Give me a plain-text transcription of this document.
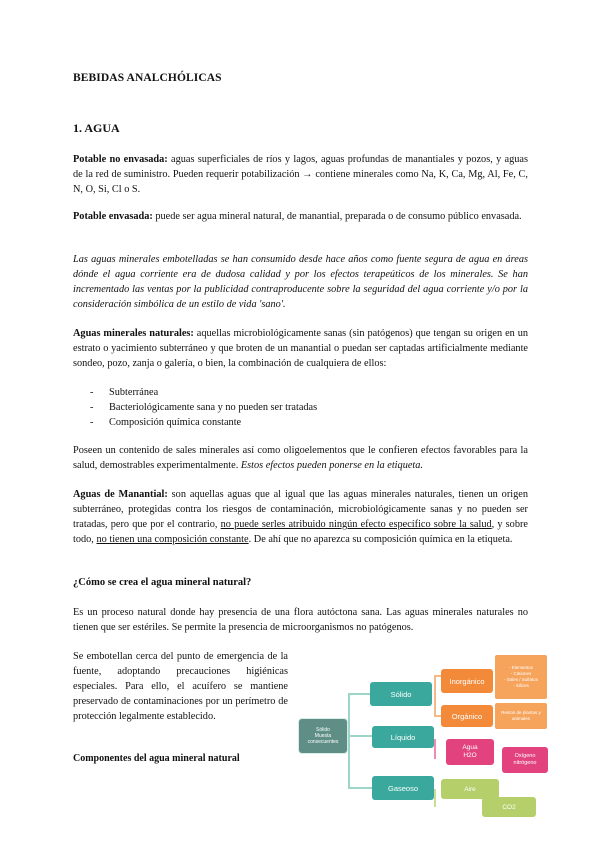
BEBIDAS ANALCHÓLICAS
1. AGUA
Potable no envasada: aguas superficiales de ríos y lagos, aguas profundas de manantiales y pozos, y aguas de la red de suministro. Pueden requerir potabilización → contiene minerales como Na, K, Ca, Mg, Al, Fe, C, N, O, Si, Cl o S.
Potable envasada: puede ser agua mineral natural, de manantial, preparada o de consumo público envasada.
Las aguas minerales embotelladas se han consumido desde hace años como fuente segura de agua en áreas dónde el agua corriente era de dudosa calidad y por los efectos terapeúticos de los minerales. Se han incrementado las ventas por la publicidad contraproducente sobre la seguridad del agua corriente y/o por la consideración simbólica de un estilo de vida 'sano'.
Aguas minerales naturales: aquellas microbiológicamente sanas (sin patógenos) que tengan su origen en un estrato o yacimiento subterráneo y que broten de un manantial o puedan ser captadas artificialmente mediante sondeo, pozo, zanja o galería, o bien, la combinación de cualquiera de ellos:
- Subterránea
- Bacteriológicamente sana y no pueden ser tratadas
- Composición química constante
Poseen un contenido de sales minerales así como oligoelementos que le confieren efectos favorables para la salud, demostrables experimentalmente. Estos efectos pueden ponerse en la etiqueta.
Aguas de Manantial: son aquellas aguas que al igual que las aguas minerales naturales, tienen un origen subterráneo, protegidas contra los riesgos de contaminación, microbiológicamente sanas y no pueden ser tratadas, pero que por el contrario, no puede serles atribuido ningún efecto específico sobre la salud, y sobre todo, no tienen una composición constante. De ahí que no aparezca su composición química en la etiqueta.
¿Cómo se crea el agua mineral natural?
Es un proceso natural donde hay presencia de una flora autóctona sana. Las aguas minerales naturales no tienen que ser estériles. Se permite la presencia de microorganismos no patógenos.
Se embotellan cerca del punto de emergencia de la fuente, adoptando precauciones higiénicas especiales. Para ello, el acuífero se mantiene preservado de contaminaciones por un perímetro de protección legalmente establecido.
Componentes del agua mineral natural
Sólido
Muesta
consecuentes
Sólido
Líquido
Gaseoso
Inorgánico
Orgánico
- Elementos
- Cationes
- Sales / Sulfatos
- Silices
Restos de plantas y animales
Agua
H2O	Oxígeno
nitrógeno
Aire
CO2
